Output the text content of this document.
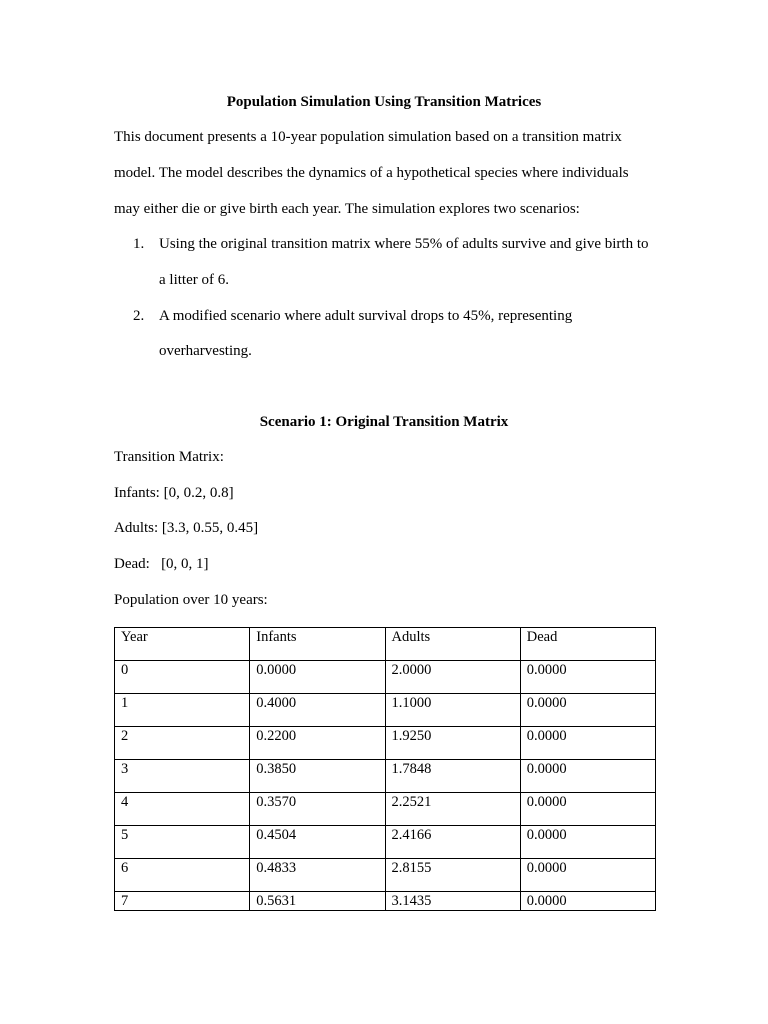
Population Simulation Using Transition Matrices
This document presents a 10-year population simulation based on a transition matrix
model. The model describes the dynamics of a hypothetical species where individuals
may either die or give birth each year. The simulation explores two scenarios:
1. Using the original transition matrix where 55% of adults survive and give birth to
a litter of 6.
2. A modified scenario where adult survival drops to 45%, representing
overharvesting.
Scenario 1: Original Transition Matrix
Transition Matrix:
Infants: [0, 0.2, 0.8]
Adults: [3.3, 0.55, 0.45]
Dead:   [0, 0, 1]
Population over 10 years:
Year	Infants	Adults	Dead
0	0.0000	2.0000	0.0000
1	0.4000	1.1000	0.0000
2	0.2200	1.9250	0.0000
3	0.3850	1.7848	0.0000
4	0.3570	2.2521	0.0000
5	0.4504	2.4166	0.0000
6	0.4833	2.8155	0.0000
7	0.5631	3.1435	0.0000
